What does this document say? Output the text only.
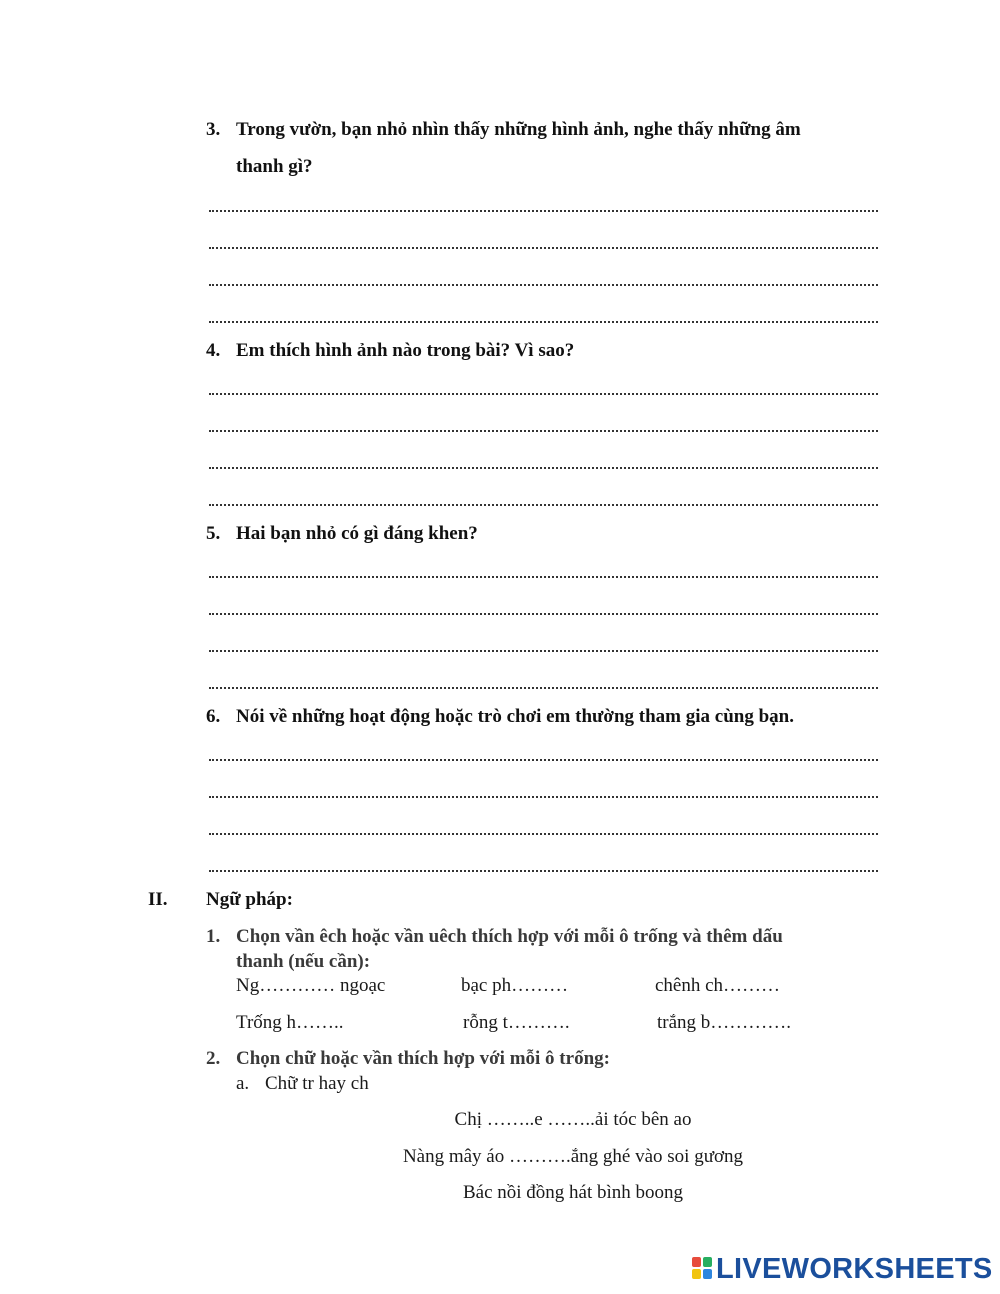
3. Trong vườn, bạn nhỏ nhìn thấy những hình ảnh, nghe thấy những âm
thanh gì?
4. Em thích hình ảnh nào trong bài? Vì sao?
5. Hai bạn nhỏ có gì đáng khen?
6. Nói về những hoạt động hoặc trò chơi em thường tham gia cùng bạn.
II. Ngữ pháp:
1. Chọn vần êch hoặc vần uêch thích hợp với mỗi ô trống và thêm dấu
thanh (nếu cần):
Ng………… ngoạc	bạc ph………	chênh ch………
Trống h……..	rỗng t……….	trắng b………….
2. Chọn chữ hoặc vần thích hợp với mỗi ô trống:
a. Chữ tr hay ch
Chị ……..e ……..ải tóc bên ao
Nàng mây áo ……….ắng ghé vào soi gương
Bác nồi đồng hát bình boong
LIVEWORKSHEETS
